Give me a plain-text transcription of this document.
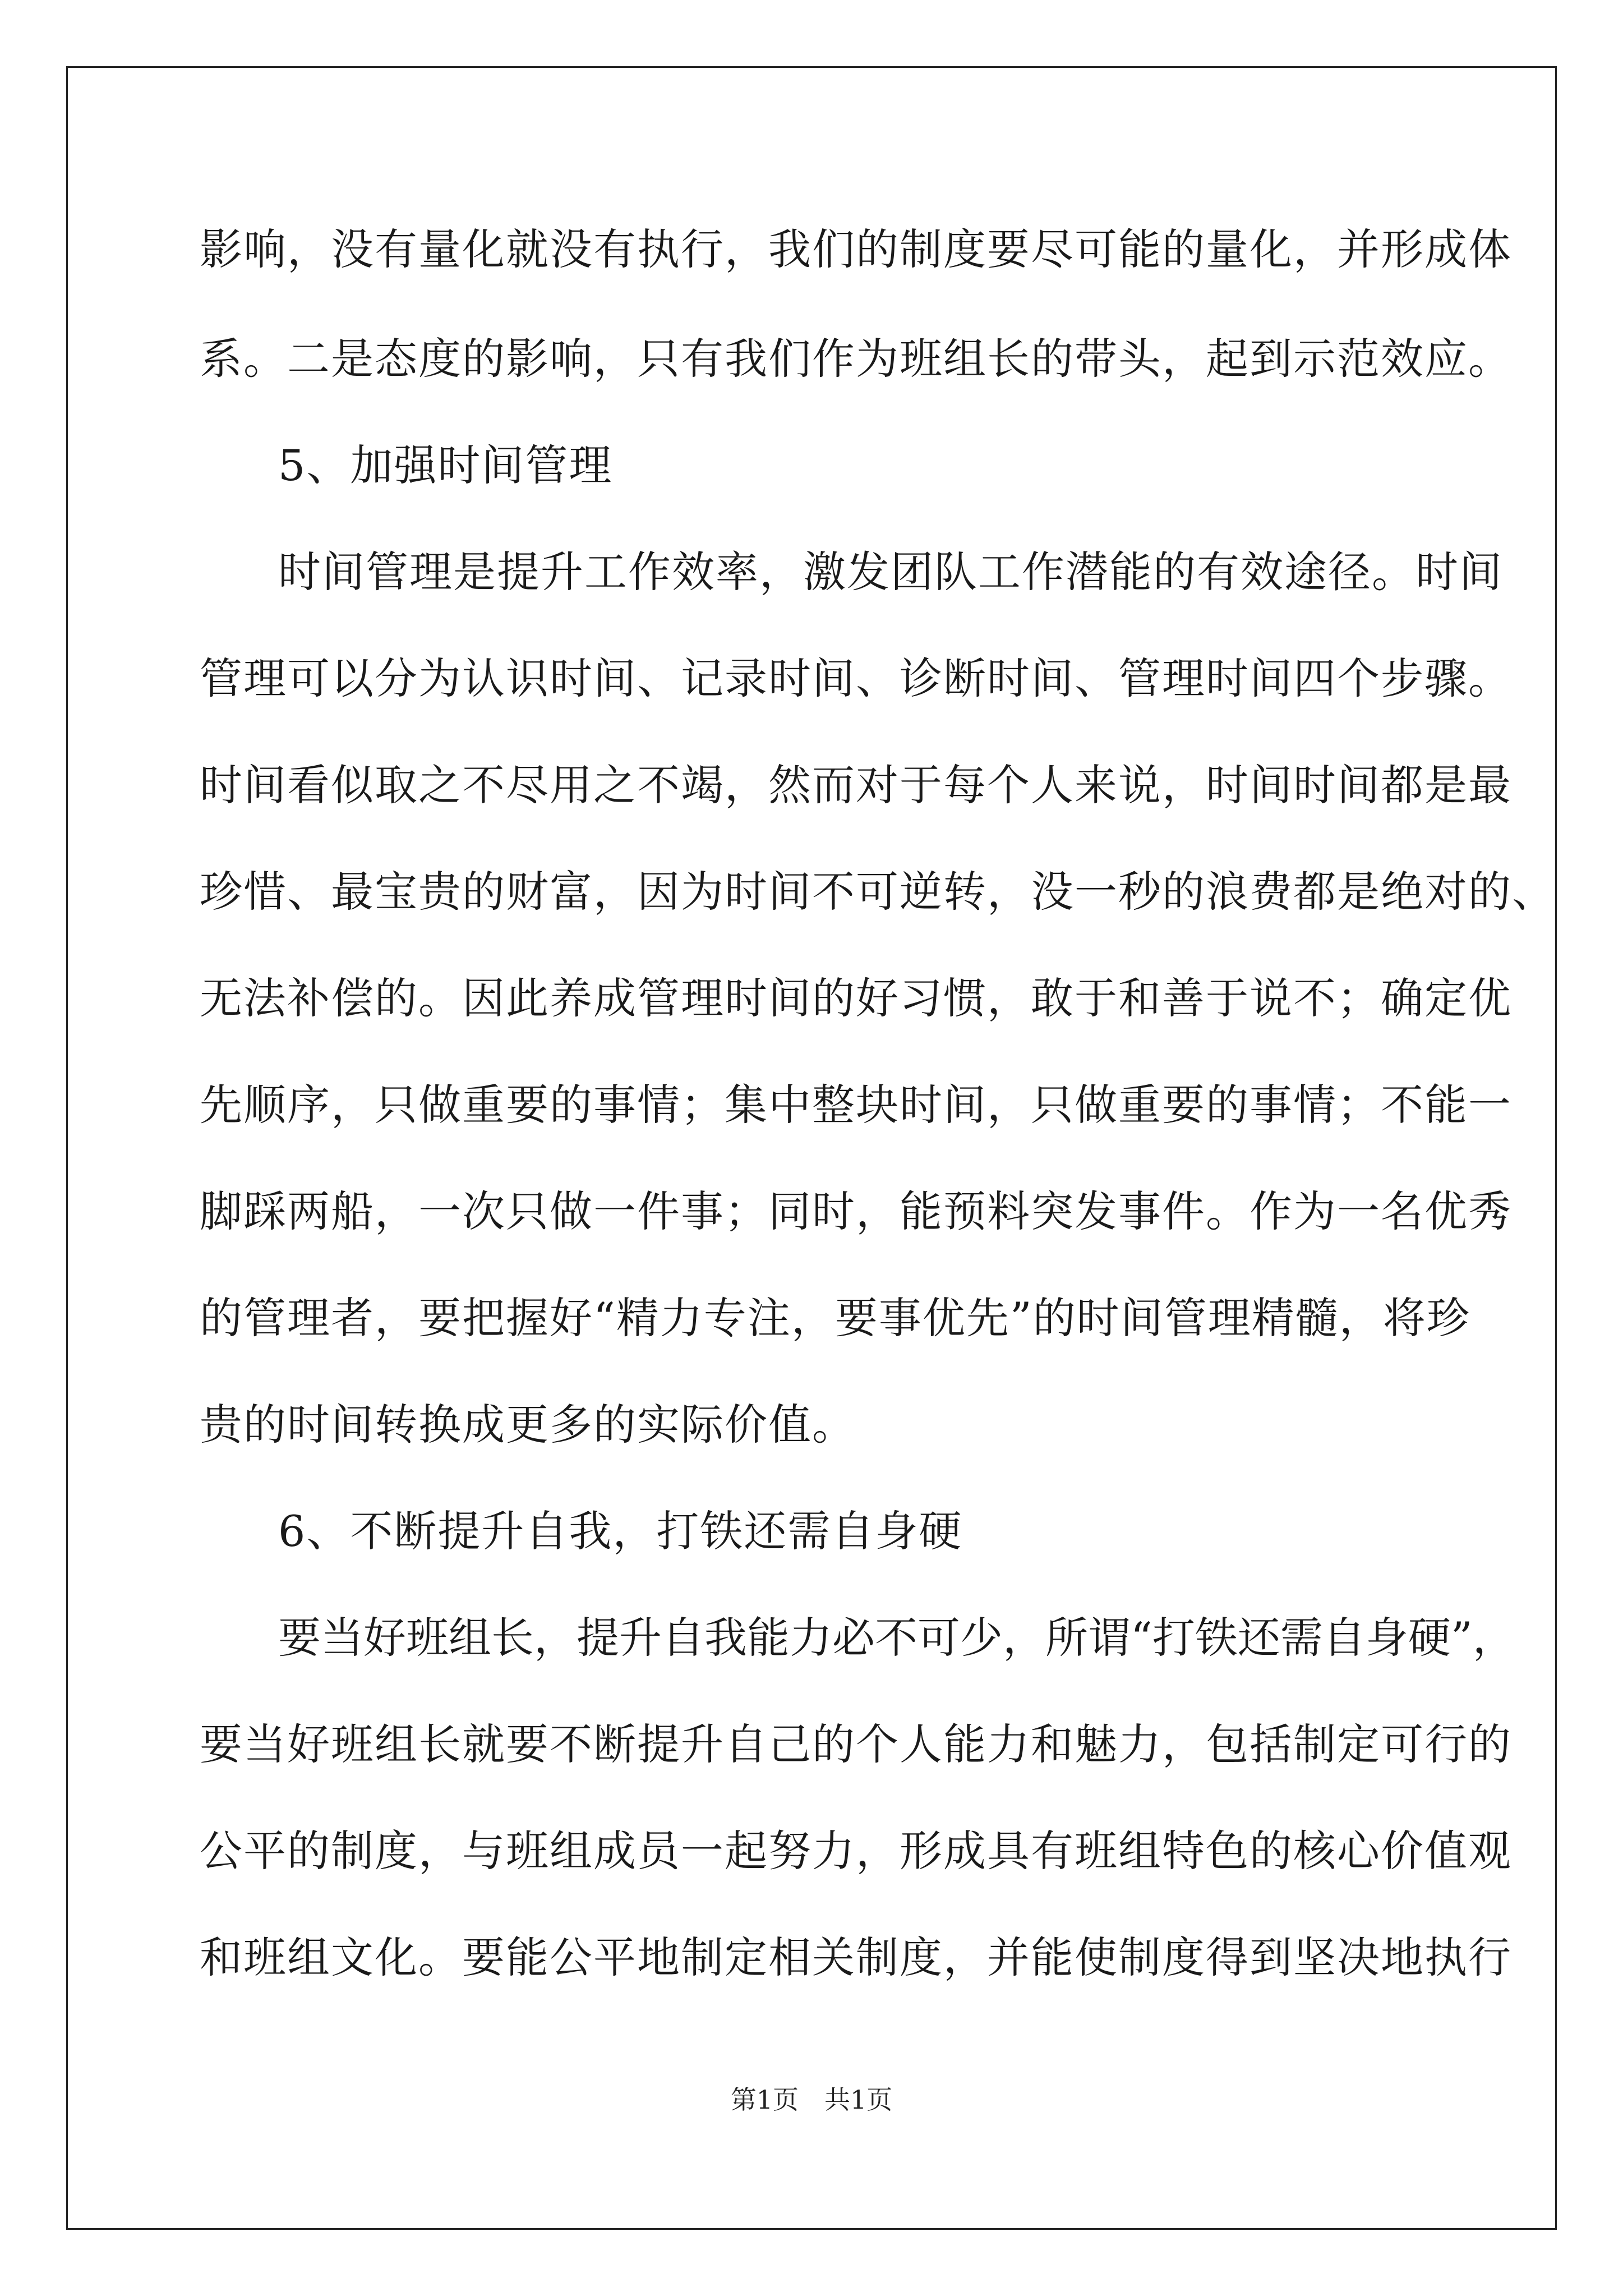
影响，没有量化就没有执行，我们的制度要尽可能的量化，并形成体
系。二是态度的影响，只有我们作为班组长的带头，起到示范效应。
5、加强时间管理
时间管理是提升工作效率，激发团队工作潜能的有效途径。时间
管理可以分为认识时间、记录时间、诊断时间、管理时间四个步骤。
时间看似取之不尽用之不竭，然而对于每个人来说，时间时间都是最
珍惜、最宝贵的财富，因为时间不可逆转，没一秒的浪费都是绝对的、
无法补偿的。因此养成管理时间的好习惯，敢于和善于说不；确定优
先顺序，只做重要的事情；集中整块时间，只做重要的事情；不能一
脚踩两船，一次只做一件事；同时，能预料突发事件。作为一名优秀
的管理者，要把握好“精力专注，要事优先”的时间管理精髓，将珍
贵的时间转换成更多的实际价值。
6、不断提升自我，打铁还需自身硬
要当好班组长，提升自我能力必不可少，所谓“打铁还需自身硬”，
要当好班组长就要不断提升自己的个人能力和魅力，包括制定可行的
公平的制度，与班组成员一起努力，形成具有班组特色的核心价值观
和班组文化。要能公平地制定相关制度，并能使制度得到坚决地执行
第1页　共1页
